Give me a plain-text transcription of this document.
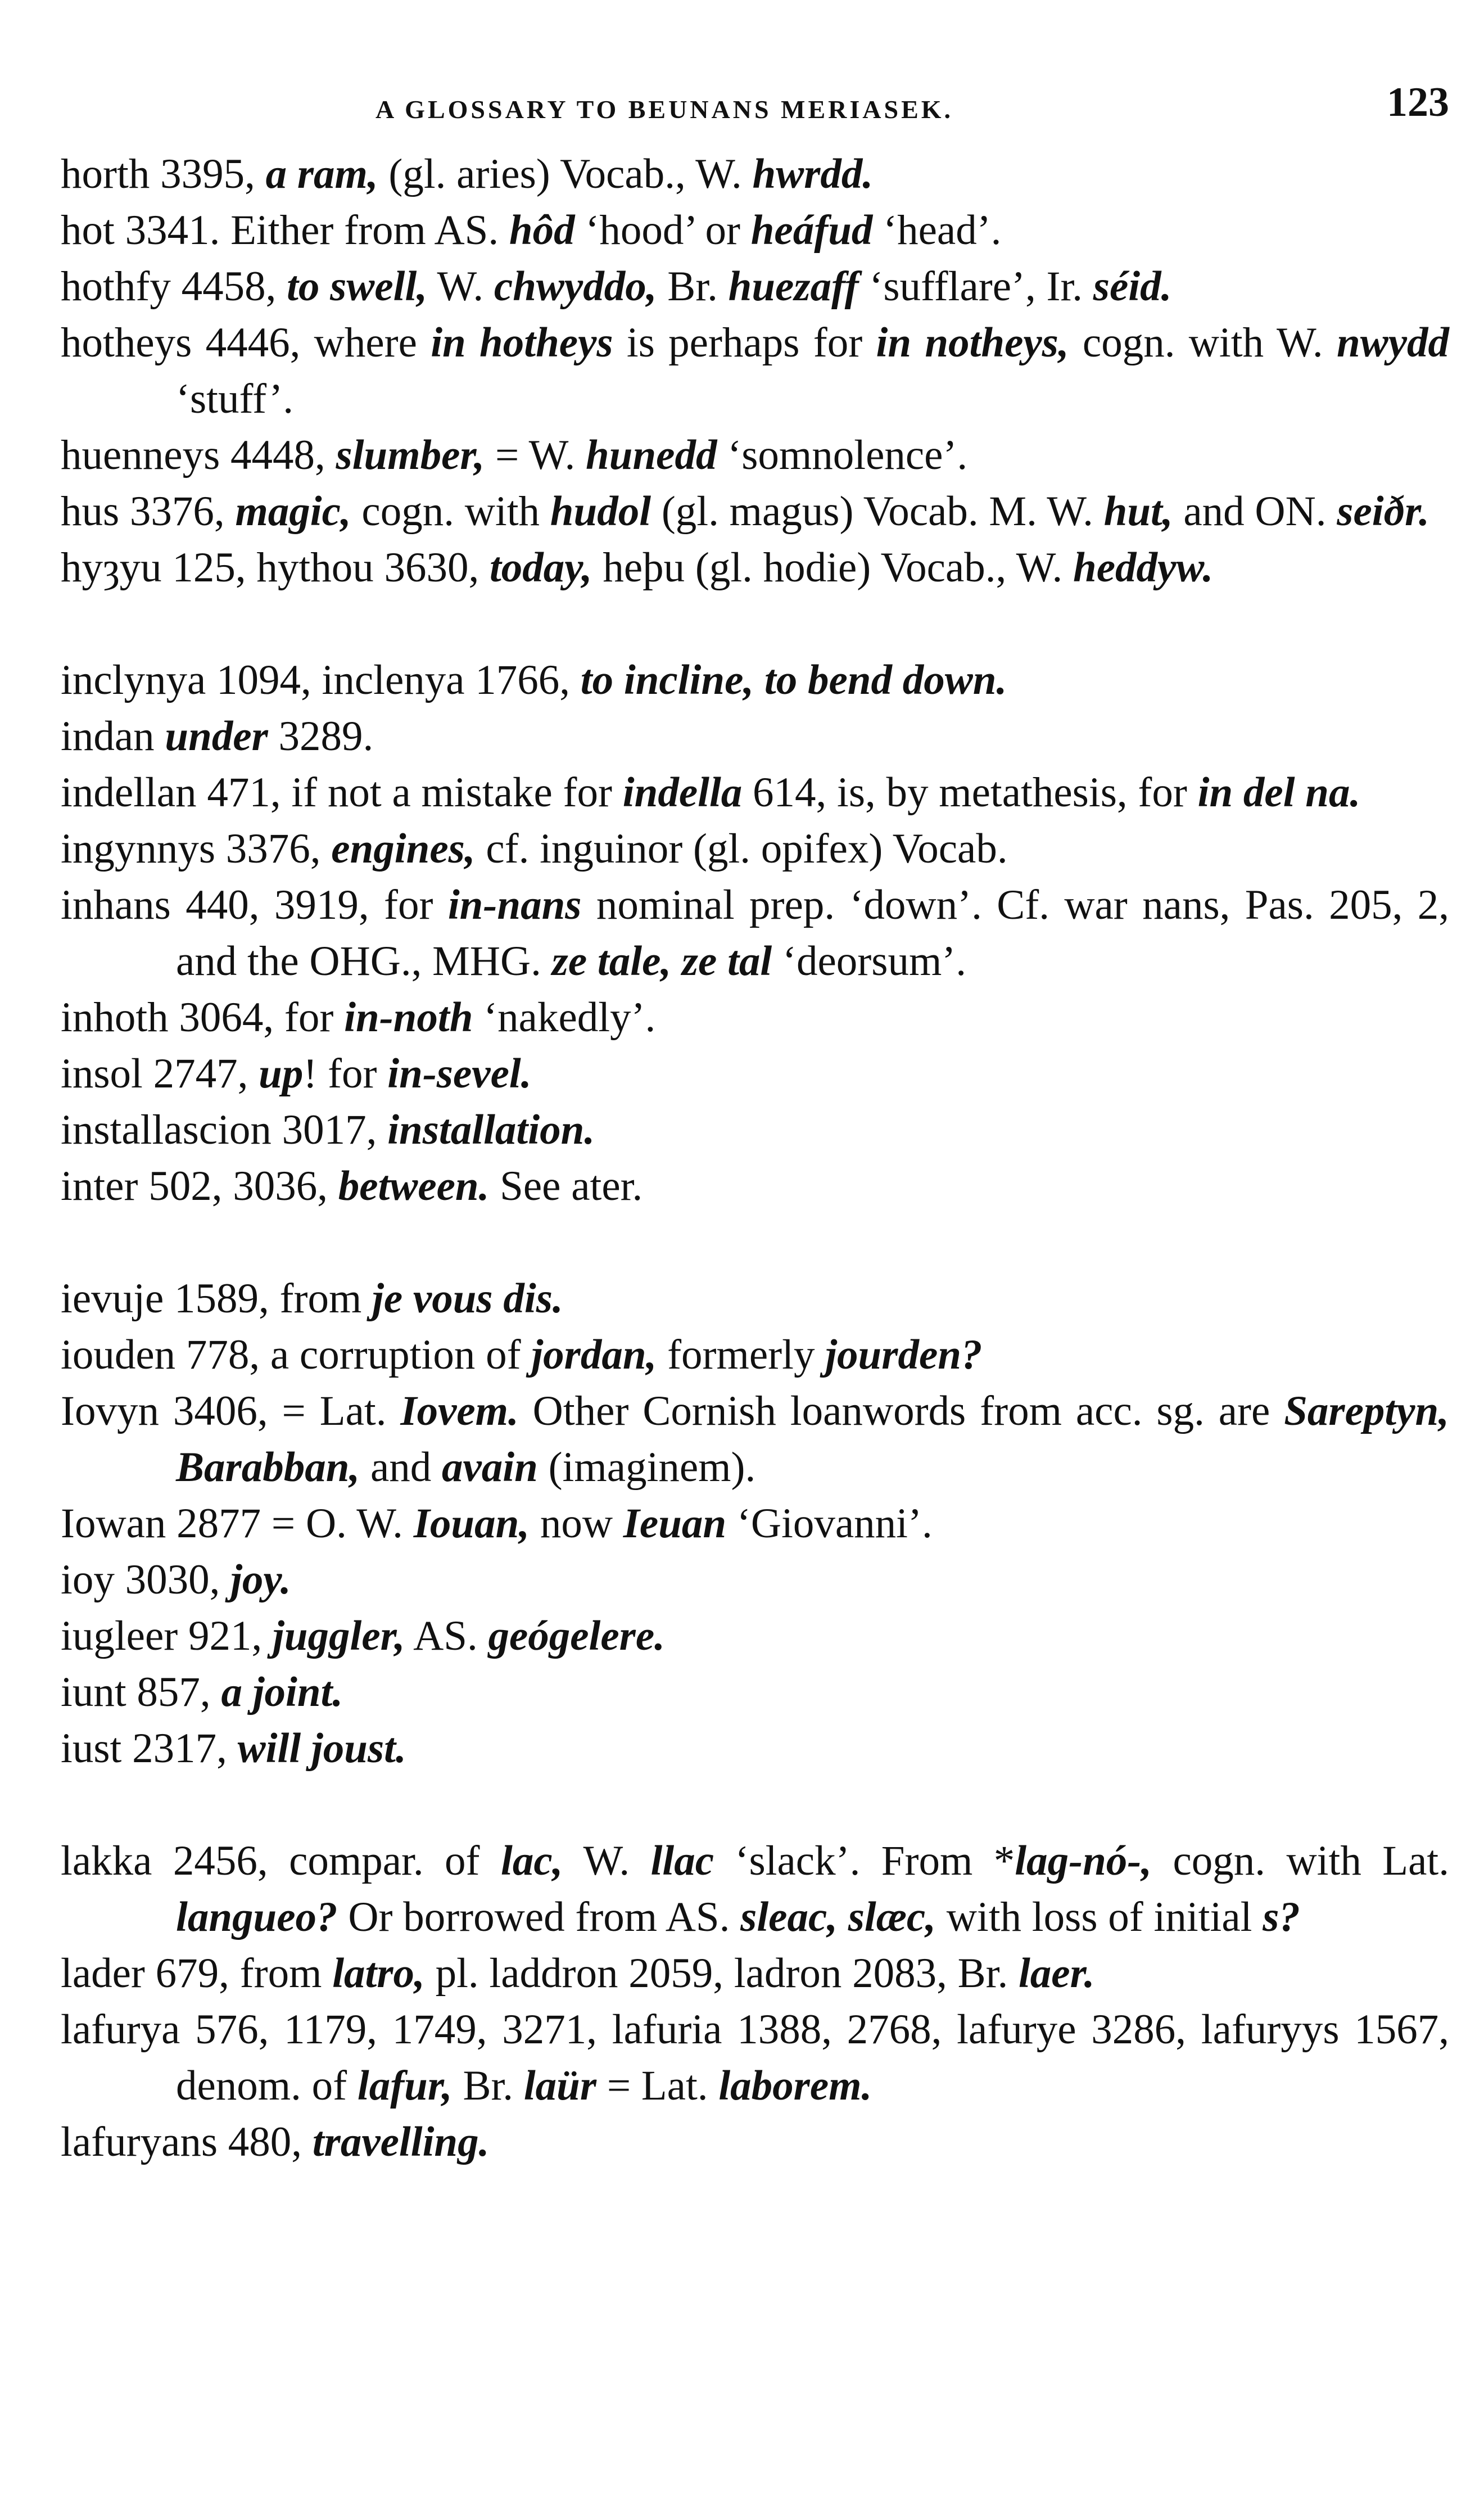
A GLOSSARY TO BEUNANS MERIASEK.	123
horth 3395, a ram, (gl. aries) Vocab., W. hwrdd.
hot 3341. Either from AS. hôd ‘hood’ or heáfud ‘head’.
hothfy 4458, to swell, W. chwyddo, Br. huezaff ‘sufflare’, Ir. séid.
hotheys 4446, where in hotheys is perhaps for in notheys, cogn. with W. nwydd ‘stuff’.
huenneys 4448, slumber, = W. hunedd ‘somnolence’.
hus 3376, magic, cogn. with hudol (gl. magus) Vocab. M. W. hut, and ON. seiðr.
hyȝyu 125, hythou 3630, today, heþu (gl. hodie) Vocab., W. heddyw.
inclynya 1094, inclenya 1766, to incline, to bend down.
indan under 3289.
indellan 471, if not a mistake for indella 614, is, by metathesis, for in del na.
ingynnys 3376, engines, cf. inguinor (gl. opifex) Vocab.
inhans 440, 3919, for in-nans nominal prep. ‘down’. Cf. war nans, Pas. 205, 2, and the OHG., MHG. ze tale, ze tal ‘deorsum’.
inhoth 3064, for in-noth ‘nakedly’.
insol 2747, up! for in-sevel.
installascion 3017, installation.
inter 502, 3036, between. See ater.
ievuje 1589, from je vous dis.
iouden 778, a corruption of jordan, formerly jourden?
Iovyn 3406, = Lat. Iovem. Other Cornish loanwords from acc. sg. are Sareptyn, Barabban, and avain (imaginem).
Iowan 2877 = O. W. Iouan, now Ieuan ‘Giovanni’.
ioy 3030, joy.
iugleer 921, juggler, AS. geógelere.
iunt 857, a joint.
iust 2317, will joust.
lakka 2456, compar. of lac, W. llac ‘slack’. From *lag-nó-, cogn. with Lat. langueo? Or borrowed from AS. sleac, slæc, with loss of initial s?
lader 679, from latro, pl. laddron 2059, ladron 2083, Br. laer.
lafurya 576, 1179, 1749, 3271, lafuria 1388, 2768, lafurye 3286, lafuryys 1567, denom. of lafur, Br. laür = Lat. laborem.
lafuryans 480, travelling.
